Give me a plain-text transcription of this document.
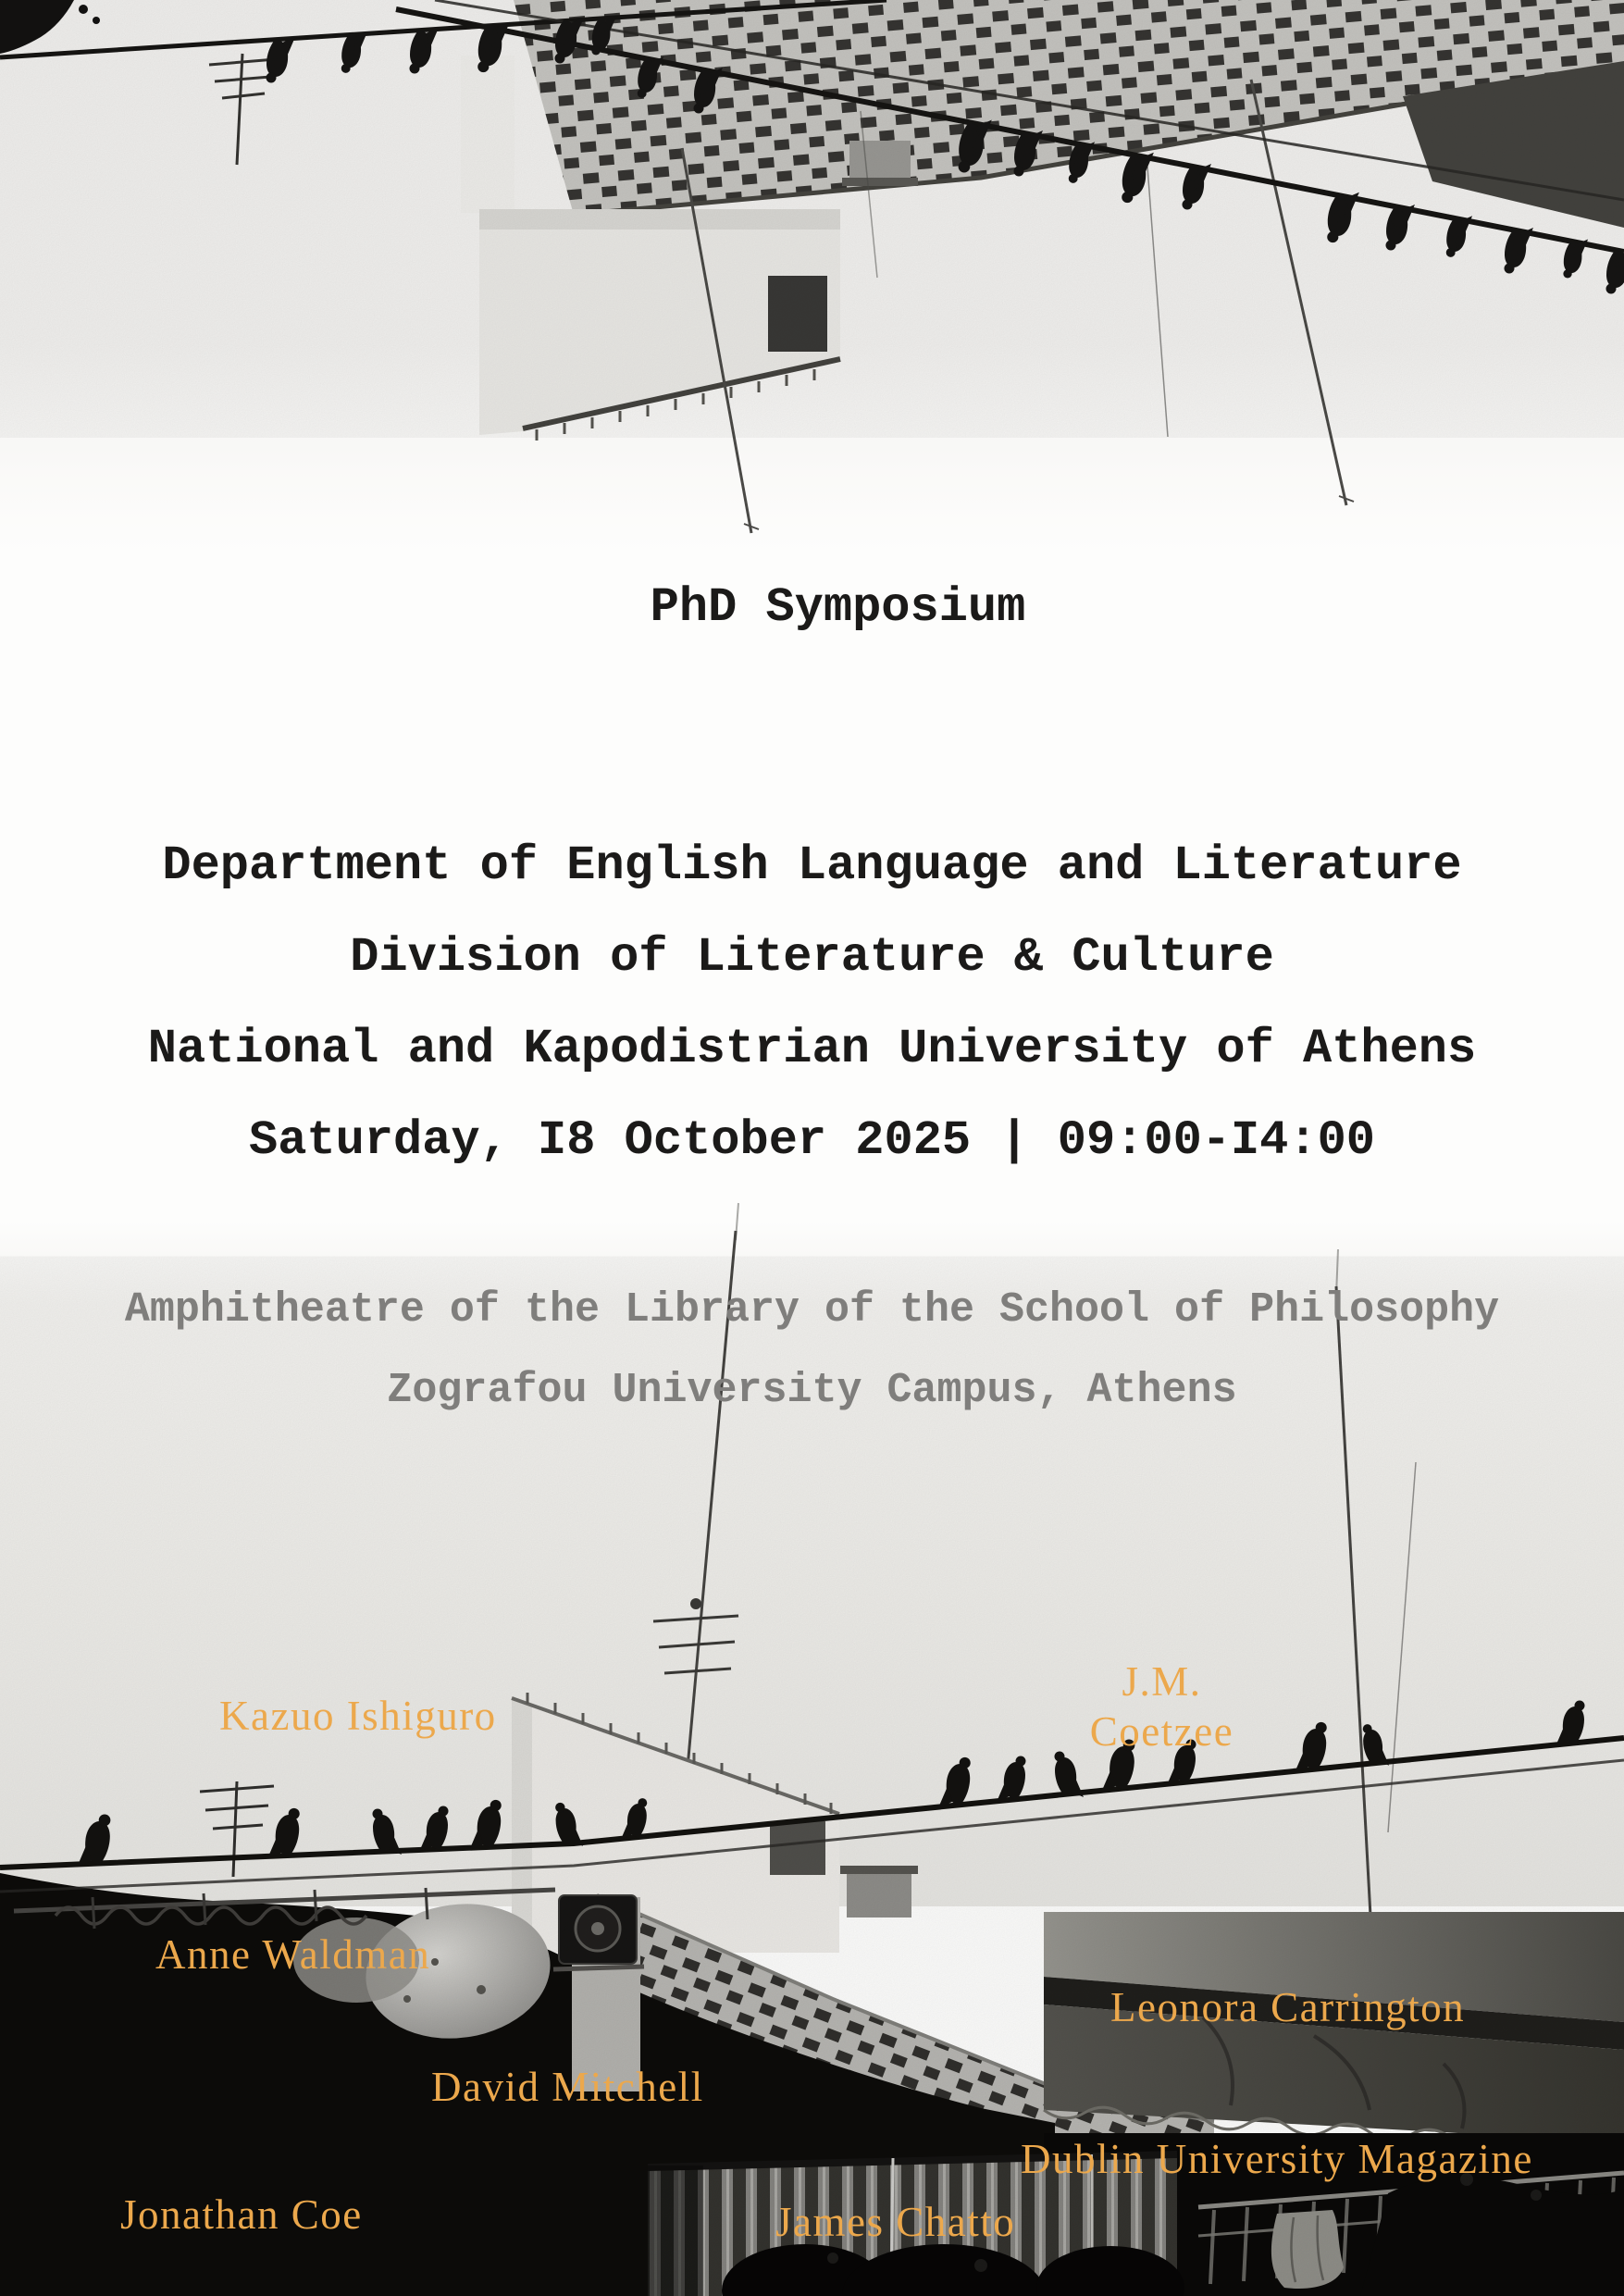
PhD Symposium
Department of English Language and Literature
Division of Literature & Culture
National and Kapodistrian University of Athens
Saturday, I8 October 2025 | 09:00-I4:00
Amphitheatre of the Library of the School of Philosophy
Zografou University Campus, Athens
Kazuo Ishiguro
J.M.
Coetzee
Anne Waldman
Leonora Carrington
David Mitchell
Dublin University Magazine
Jonathan Coe	James Chatto
